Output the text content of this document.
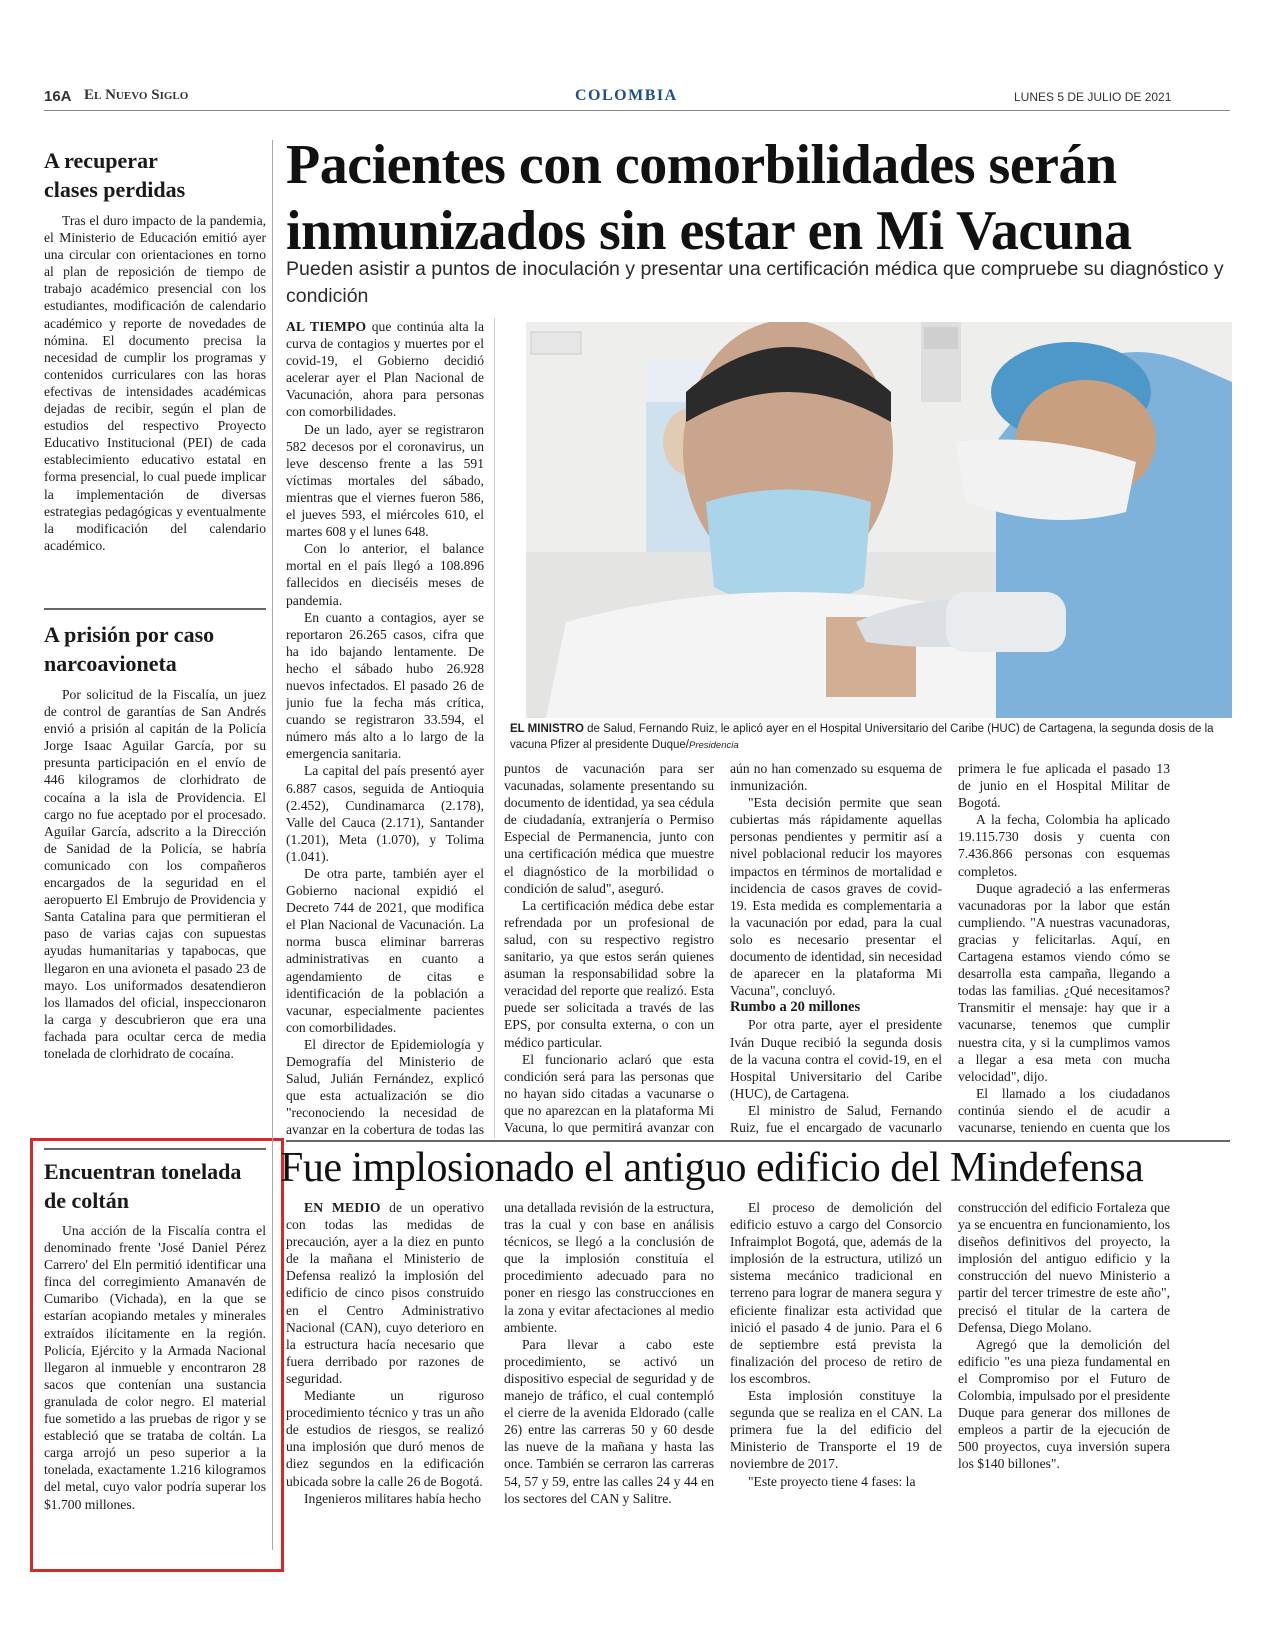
16A El Nuevo Siglo	COLOMBIA	LUNES 5 DE JULIO DE 2021
A recuperar clases perdidas
Tras el duro impacto de la pandemia, el Ministerio de Educación emitió ayer una circular con orientaciones en torno al plan de reposición de tiempo de trabajo académico presencial con los estudiantes, modificación de calendario académico y reporte de novedades de nómina. El documento precisa la necesidad de cumplir los programas y contenidos curriculares con las horas efectivas de intensidades académicas dejadas de recibir, según el plan de estudios del respectivo Proyecto Educativo Institucional (PEI) de cada establecimiento educativo estatal en forma presencial, lo cual puede implicar la implementación de diversas estrategias pedagógicas y eventualmente la modificación del calendario académico.
A prisión por caso narcoavioneta
Por solicitud de la Fiscalía, un juez de control de garantías de San Andrés envió a prisión al capitán de la Policía Jorge Isaac Aguilar García, por su presunta participación en el envío de 446 kilogramos de clorhidrato de cocaína a la isla de Providencia. El cargo no fue aceptado por el procesado. Aguilar García, adscrito a la Dirección de Sanidad de la Policía, se habría comunicado con los compañeros encargados de la seguridad en el aeropuerto El Embrujo de Providencia y Santa Catalina para que permitieran el paso de varias cajas con supuestas ayudas humanitarias y tapabocas, que llegaron en una avioneta el pasado 23 de mayo. Los uniformados desatendieron los llamados del oficial, inspeccionaron la carga y descubrieron que era una fachada para ocultar cerca de media tonelada de clorhidrato de cocaína.
Encuentran tonelada de coltán
Una acción de la Fiscalía contra el denominado frente 'José Daniel Pérez Carrero' del Eln permitió identificar una finca del corregimiento Amanavén de Cumaribo (Vichada), en la que se estarían acopiando metales y minerales extraídos ilícitamente en la región. Policía, Ejército y la Armada Nacional llegaron al inmueble y encontraron 28 sacos que contenían una sustancia granulada de color negro. El material fue sometido a las pruebas de rigor y se estableció que se trataba de coltán. La carga arrojó un peso superior a la tonelada, exactamente 1.216 kilogramos del metal, cuyo valor podría superar los $1.700 millones.
Pacientes con comorbilidades serán inmunizados sin estar en Mi Vacuna
Pueden asistir a puntos de inoculación y presentar una certificación médica que compruebe su diagnóstico y condición
EL MINISTRO de Salud, Fernando Ruiz, le aplicó ayer en el Hospital Universitario del Caribe (HUC) de Cartagena, la segunda dosis de la vacuna Pfizer al presidente Duque/Presidencia

AL TIEMPO que continúa alta la curva de contagios y muertes por el covid-19, el Gobierno decidió acelerar ayer el Plan Nacional de Vacunación, ahora para personas con comorbilidades.

De un lado, ayer se registraron 582 decesos por el coronavirus, un leve descenso frente a las 591 víctimas mortales del sábado, mientras que el viernes fueron 586, el jueves 593, el miércoles 610, el martes 608 y el lunes 648.

Con lo anterior, el balance mortal en el país llegó a 108.896 fallecidos en dieciséis meses de pandemia.

En cuanto a contagios, ayer se reportaron 26.265 casos, cifra que ha ido bajando lentamente. De hecho el sábado hubo 26.928 nuevos infectados. El pasado 26 de junio fue la fecha más crítica, cuando se registraron 33.594, el número más alto a lo largo de la emergencia sanitaria.

La capital del país presentó ayer 6.887 casos, seguida de Antioquia (2.452), Cundinamarca (2.178), Valle del Cauca (2.171), Santander (1.201), Meta (1.070), y Tolima (1.041).

De otra parte, también ayer el Gobierno nacional expidió el Decreto 744 de 2021, que modifica el Plan Nacional de Vacunación. La norma busca eliminar barreras administrativas en cuanto a agendamiento de citas e identificación de la población a vacunar, especialmente pacientes con comorbilidades.

El director de Epidemiología y Demografía del Ministerio de Salud, Julián Fernández, explicó que esta actualización se dio "reconociendo la necesidad de avanzar en la cobertura de todas las

puntos de vacunación para ser vacunadas, solamente presentando su documento de identidad, ya sea cédula de ciudadanía, extranjería o Permiso Especial de Permanencia, junto con una certificación médica que muestre el diagnóstico de la morbilidad o condición de salud", aseguró.

La certificación médica debe estar refrendada por un profesional de salud, con su respectivo registro sanitario, ya que estos serán quienes asuman la responsabilidad sobre la veracidad del reporte que realizó. Esta puede ser solicitada a través de las EPS, por consulta externa, o con un médico particular.

El funcionario aclaró que esta condición será para las personas que no hayan sido citadas a vacunarse o que no aparezcan en la plataforma Mi Vacuna, lo que permitirá avanzar con

aún no han comenzado su esquema de inmunización.

"Esta decisión permite que sean cubiertas más rápidamente aquellas personas pendientes y permitir así a nivel poblacional reducir los mayores impactos en términos de mortalidad e incidencia de casos graves de covid-19. Esta medida es complementaria a la vacunación por edad, para la cual solo es necesario presentar el documento de identidad, sin necesidad de aparecer en la plataforma Mi Vacuna", concluyó.

Rumbo a 20 millones

Por otra parte, ayer el presidente Iván Duque recibió la segunda dosis de la vacuna contra el covid-19, en el Hospital Universitario del Caribe (HUC), de Cartagena.

El ministro de Salud, Fernando Ruiz, fue el encargado de vacunarlo

primera le fue aplicada el pasado 13 de junio en el Hospital Militar de Bogotá.

A la fecha, Colombia ha aplicado 19.115.730 dosis y cuenta con 7.436.866 personas con esquemas completos.

Duque agradeció a las enfermeras vacunadoras por la labor que están cumpliendo. "A nuestras vacunadoras, gracias y felicitarlas. Aquí, en Cartagena estamos viendo cómo se desarrolla esta campaña, llegando a todas las familias. ¿Qué necesitamos? Transmitir el mensaje: hay que ir a vacunarse, tenemos que cumplir nuestra cita, y si la cumplimos vamos a llegar a esa meta con mucha velocidad", dijo.

El llamado a los ciudadanos continúa siendo el de acudir a vacunarse, teniendo en cuenta que los

Fue implosionado el antiguo edificio del Mindefensa

EN MEDIO de un operativo con todas las medidas de precaución, ayer a la diez en punto de la mañana el Ministerio de Defensa realizó la implosión del edificio de cinco pisos construido en el Centro Administrativo Nacional (CAN), cuyo deterioro en la estructura hacía necesario que fuera derribado por razones de seguridad.

Mediante un riguroso procedimiento técnico y tras un año de estudios de riesgos, se realizó una implosión que duró menos de diez segundos en la edificación ubicada sobre la calle 26 de Bogotá.

Ingenieros militares había hecho

una detallada revisión de la estructura, tras la cual y con base en análisis técnicos, se llegó a la conclusión de que la implosión constituía el procedimiento adecuado para no poner en riesgo las construcciones en la zona y evitar afectaciones al medio ambiente.

Para llevar a cabo este procedimiento, se activó un dispositivo especial de seguridad y de manejo de tráfico, el cual contempló el cierre de la avenida Eldorado (calle 26) entre las carreras 50 y 60 desde las nueve de la mañana y hasta las once. También se cerraron las carreras 54, 57 y 59, entre las calles 24 y 44 en los sectores del CAN y Salitre.

El proceso de demolición del edificio estuvo a cargo del Consorcio Infraimplot Bogotá, que, además de la implosión de la estructura, utilizó un sistema mecánico tradicional en terreno para lograr de manera segura y eficiente finalizar esta actividad que inició el pasado 4 de junio. Para el 6 de septiembre está prevista la finalización del proceso de retiro de los escombros.

Esta implosión constituye la segunda que se realiza en el CAN. La primera fue la del edificio del Ministerio de Transporte el 19 de noviembre de 2017.

"Este proyecto tiene 4 fases: la

construcción del edificio Fortaleza que ya se encuentra en funcionamiento, los diseños definitivos del proyecto, la implosión del antiguo edificio y la construcción del nuevo Ministerio a partir del tercer trimestre de este año", precisó el titular de la cartera de Defensa, Diego Molano.

Agregó que la demolición del edificio "es una pieza fundamental en el Compromiso por el Futuro de Colombia, impulsado por el presidente Duque para generar dos millones de empleos a partir de la ejecución de 500 proyectos, cuya inversión supera los $140 billones".
